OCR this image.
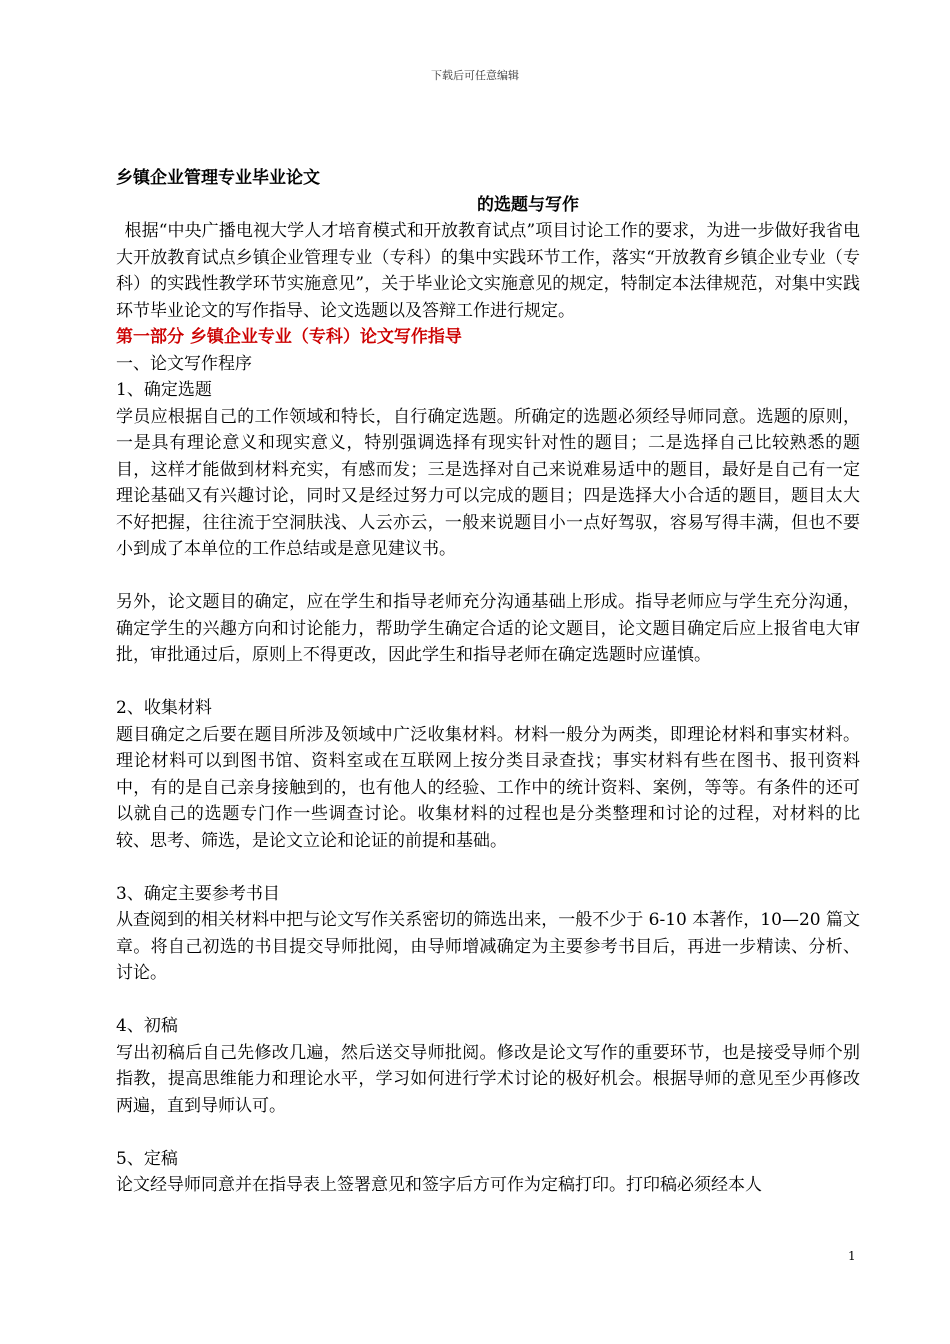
下载后可任意编辑

乡镇企业管理专业毕业论文

的选题与写作

根据“中央广播电视大学人才培育模式和开放教育试点”项目讨论工作的要求，为进一步做好我省电大开放教育试点乡镇企业管理专业（专科）的集中实践环节工作，落实“开放教育乡镇企业专业（专科）的实践性教学环节实施意见”，关于毕业论文实施意见的规定，特制定本法律规范，对集中实践环节毕业论文的写作指导、论文选题以及答辩工作进行规定。

第一部分 乡镇企业专业（专科）论文写作指导

一、论文写作程序

1、确定选题

学员应根据自己的工作领域和特长，自行确定选题。所确定的选题必须经导师同意。选题的原则，一是具有理论意义和现实意义，特别强调选择有现实针对性的题目；二是选择自己比较熟悉的题目，这样才能做到材料充实，有感而发；三是选择对自己来说难易适中的题目，最好是自己有一定理论基础又有兴趣讨论，同时又是经过努力可以完成的题目；四是选择大小合适的题目，题目太大不好把握，往往流于空洞肤浅、人云亦云，一般来说题目小一点好驾驭，容易写得丰满，但也不要小到成了本单位的工作总结或是意见建议书。

另外，论文题目的确定，应在学生和指导老师充分沟通基础上形成。指导老师应与学生充分沟通，确定学生的兴趣方向和讨论能力，帮助学生确定合适的论文题目，论文题目确定后应上报省电大审批，审批通过后，原则上不得更改，因此学生和指导老师在确定选题时应谨慎。

2、收集材料

题目确定之后要在题目所涉及领域中广泛收集材料。材料一般分为两类，即理论材料和事实材料。理论材料可以到图书馆、资料室或在互联网上按分类目录查找；事实材料有些在图书、报刊资料中，有的是自己亲身接触到的，也有他人的经验、工作中的统计资料、案例，等等。有条件的还可以就自己的选题专门作一些调查讨论。收集材料的过程也是分类整理和讨论的过程，对材料的比较、思考、筛选，是论文立论和论证的前提和基础。

3、确定主要参考书目

从查阅到的相关材料中把与论文写作关系密切的筛选出来，一般不少于 6-10 本著作，10—20 篇文章。将自己初选的书目提交导师批阅，由导师增减确定为主要参考书目后，再进一步精读、分析、讨论。

4、初稿

写出初稿后自己先修改几遍，然后送交导师批阅。修改是论文写作的重要环节，也是接受导师个别指教，提高思维能力和理论水平，学习如何进行学术讨论的极好机会。根据导师的意见至少再修改两遍，直到导师认可。

5、定稿

论文经导师同意并在指导表上签署意见和签字后方可作为定稿打印。打印稿必须经本人

1
